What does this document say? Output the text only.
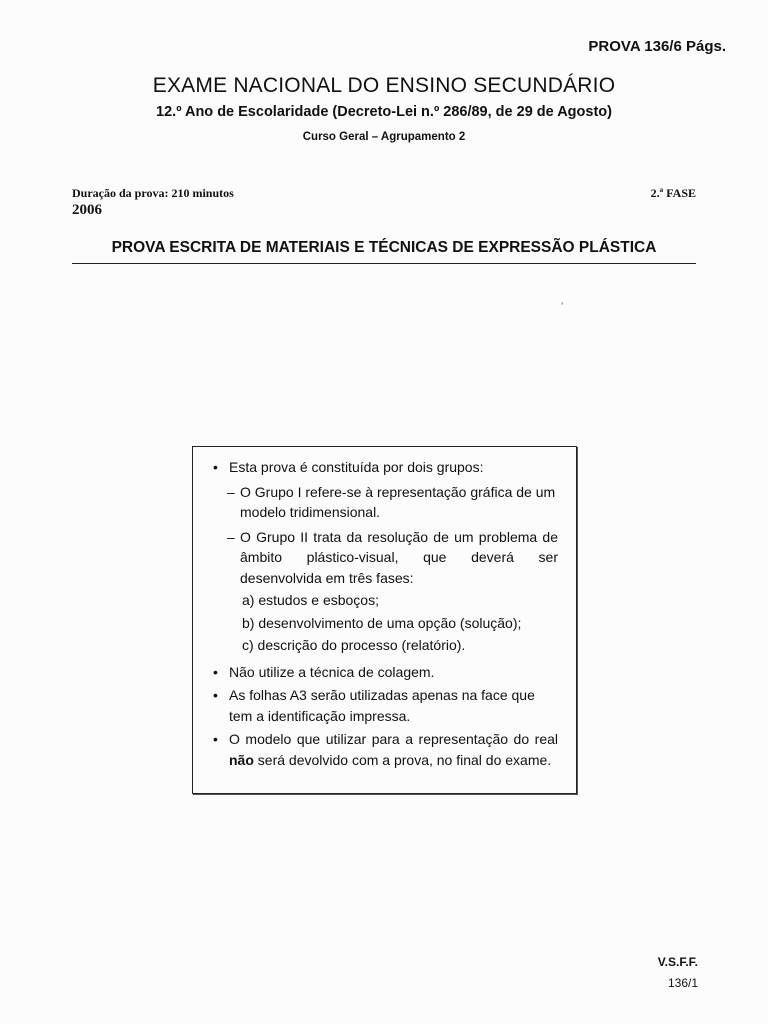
PROVA 136/6 Págs.
EXAME NACIONAL DO ENSINO SECUNDÁRIO
12.º Ano de Escolaridade (Decreto-Lei n.º 286/89, de 29 de Agosto)
Curso Geral – Agrupamento 2
Duração da prova: 210 minutos
2006
2.ª FASE
PROVA ESCRITA DE MATERIAIS E TÉCNICAS DE EXPRESSÃO PLÁSTICA
ʼ
• Esta prova é constituída por dois grupos:
– O Grupo I refere-se à representação gráfica de um modelo tridimensional.
– O Grupo II trata da resolução de um problema de âmbito plástico-visual, que deverá ser desenvolvida em três fases:
a) estudos e esboços;
b) desenvolvimento de uma opção (solução);
c) descrição do processo (relatório).
• Não utilize a técnica de colagem.
• As folhas A3 serão utilizadas apenas na face que tem a identificação impressa.
• O modelo que utilizar para a representação do real não será devolvido com a prova, no final do exame.
V.S.F.F.
136/1
